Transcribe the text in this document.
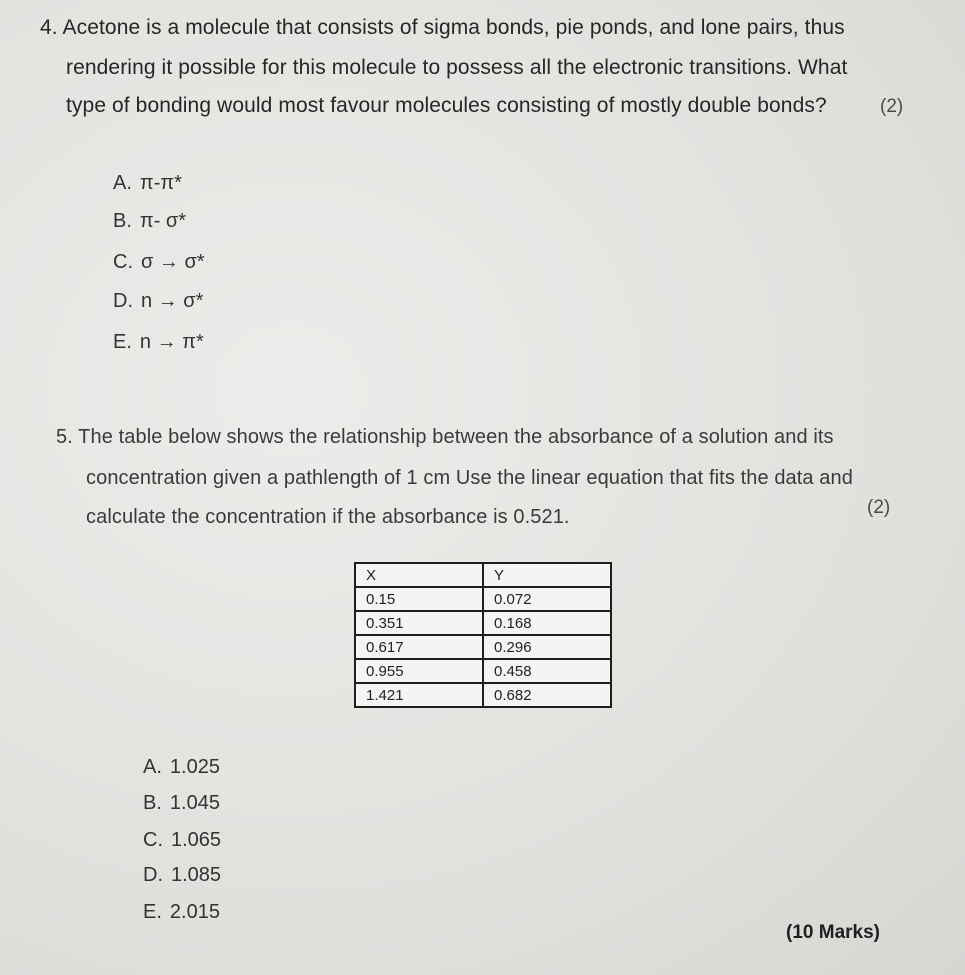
4. Acetone is a molecule that consists of sigma bonds, pie ponds, and lone pairs, thus
rendering it possible for this molecule to possess all the electronic transitions. What
type of bonding would most favour molecules consisting of mostly double bonds?	(2)
A. π-π*
B. π- σ*
C. σ → σ*
D. n → σ*
E. n → π*
5. The table below shows the relationship between the absorbance of a solution and its
concentration given a pathlength of 1 cm Use the linear equation that fits the data and
calculate the concentration if the absorbance is 0.521.	(2)
X	Y
0.15	0.072
0.351	0.168
0.617	0.296
0.955	0.458
1.421	0.682
A. 1.025
B. 1.045
C. 1.065
D. 1.085
E. 2.015
(10 Marks)
